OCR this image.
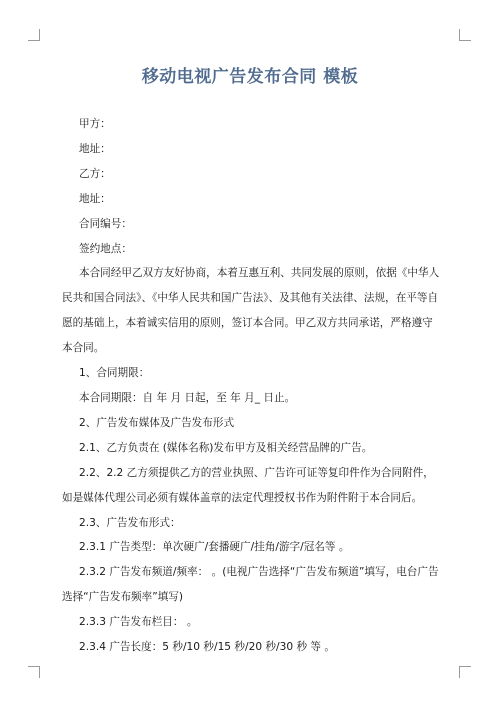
移动电视广告发布合同 模板

甲方：

地址：

乙方：

地址：

合同编号：

签约地点：

本合同经甲乙双方友好协商，本着互惠互利、共同发展的原则，依据《中华人民共和国合同法》、《中华人民共和国广告法》、及其他有关法律、法规，在平等自愿的基础上，本着诚实信用的原则，签订本合同。甲乙双方共同承诺，严格遵守本合同。

1、合同期限：

本合同期限：自 年 月 日起，至 年 月_ 日止。

2、广告发布媒体及广告发布形式

2.1、乙方负责在 (媒体名称)发布甲方及相关经营品牌的广告。

2.2、2.2 乙方须提供乙方的营业执照、广告许可证等复印件作为合同附件，如是媒体代理公司必须有媒体盖章的法定代理授权书作为附件附于本合同后。

2.3、广告发布形式：

2.3.1 广告类型：单次硬广/套播硬广/挂角/游字/冠名等 。

2.3.2 广告发布频道/频率： 。(电视广告选择“广告发布频道”填写，电台广告选择“广告发布频率”填写)

2.3.3 广告发布栏目： 。

2.3.4 广告长度：5 秒/10 秒/15 秒/20 秒/30 秒 等 。
